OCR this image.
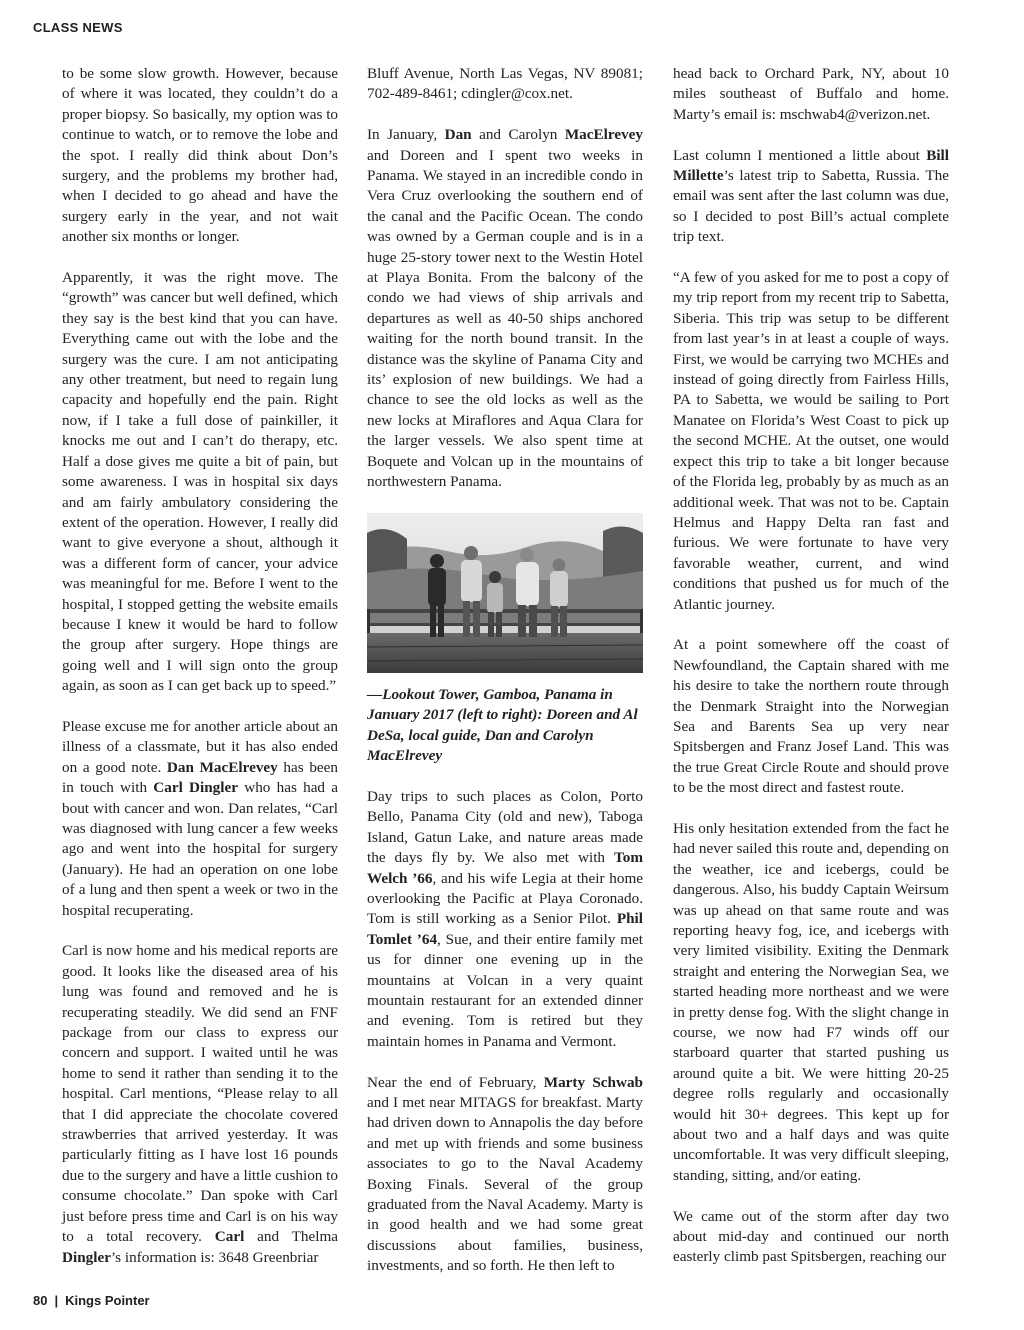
CLASS NEWS

to be some slow growth. However, because of where it was located, they couldn’t do a proper biopsy. So basically, my option was to continue to watch, or to remove the lobe and the spot. I really did think about Don’s surgery, and the problems my brother had, when I decided to go ahead and have the surgery early in the year, and not wait another six months or longer.

Apparently, it was the right move. The “growth” was cancer but well defined, which they say is the best kind that you can have. Everything came out with the lobe and the surgery was the cure. I am not anticipating any other treatment, but need to regain lung capacity and hopefully end the pain. Right now, if I take a full dose of painkiller, it knocks me out and I can’t do therapy, etc. Half a dose gives me quite a bit of pain, but some awareness. I was in hospital six days and am fairly ambulatory considering the extent of the operation. However, I really did want to give everyone a shout, although it was a different form of cancer, your advice was meaningful for me. Before I went to the hospital, I stopped getting the website emails because I knew it would be hard to follow the group after surgery. Hope things are going well and I will sign onto the group again, as soon as I can get back up to speed.”

Please excuse me for another article about an illness of a classmate, but it has also ended on a good note. Dan MacElrevey has been in touch with Carl Dingler who has had a bout with cancer and won. Dan relates, “Carl was diagnosed with lung cancer a few weeks ago and went into the hospital for surgery (January). He had an operation on one lobe of a lung and then spent a week or two in the hospital recuperating.

Carl is now home and his medical reports are good. It looks like the diseased area of his lung was found and removed and he is recuperating steadily. We did send an FNF package from our class to express our concern and support. I waited until he was home to send it rather than sending it to the hospital. Carl mentions, “Please relay to all that I did appreciate the chocolate covered strawberries that arrived yesterday. It was particularly fitting as I have lost 16 pounds due to the surgery and have a little cushion to consume chocolate.” Dan spoke with Carl just before press time and Carl is on his way to a total recovery. Carl and Thelma Dingler’s information is: 3648 Greenbriar

Bluff Avenue, North Las Vegas, NV 89081; 702-489-8461; cdingler@cox.net.

In January, Dan and Carolyn MacElrevey and Doreen and I spent two weeks in Panama. We stayed in an incredible condo in Vera Cruz overlooking the southern end of the canal and the Pacific Ocean. The condo was owned by a German couple and is in a huge 25-story tower next to the Westin Hotel at Playa Bonita. From the balcony of the condo we had views of ship arrivals and departures as well as 40-50 ships anchored waiting for the north bound transit. In the distance was the skyline of Panama City and its’ explosion of new buildings. We had a chance to see the old locks as well as the new locks at Miraflores and Aqua Clara for the larger vessels. We also spent time at Boquete and Volcan up in the mountains of northwestern Panama.

—Lookout Tower, Gamboa, Panama in January 2017 (left to right): Doreen and Al DeSa, local guide, Dan and Carolyn MacElrevey

Day trips to such places as Colon, Porto Bello, Panama City (old and new), Taboga Island, Gatun Lake, and nature areas made the days fly by. We also met with Tom Welch ’66, and his wife Legia at their home overlooking the Pacific at Playa Coronado. Tom is still working as a Senior Pilot. Phil Tomlet ’64, Sue, and their entire family met us for dinner one evening up in the mountains at Volcan in a very quaint mountain restaurant for an extended dinner and evening. Tom is retired but they maintain homes in Panama and Vermont.

Near the end of February, Marty Schwab and I met near MITAGS for breakfast. Marty had driven down to Annapolis the day before and met up with friends and some business associates to go to the Naval Academy Boxing Finals. Several of the group graduated from the Naval Academy. Marty is in good health and we had some great discussions about families, business, investments, and so forth. He then left to

head back to Orchard Park, NY, about 10 miles southeast of Buffalo and home. Marty’s email is: mschwab4@verizon.net.

Last column I mentioned a little about Bill Millette’s latest trip to Sabetta, Russia. The email was sent after the last column was due, so I decided to post Bill’s actual complete trip text.

“A few of you asked for me to post a copy of my trip report from my recent trip to Sabetta, Siberia. This trip was setup to be different from last year’s in at least a couple of ways. First, we would be carrying two MCHEs and instead of going directly from Fairless Hills, PA to Sabetta, we would be sailing to Port Manatee on Florida’s West Coast to pick up the second MCHE. At the outset, one would expect this trip to take a bit longer because of the Florida leg, probably by as much as an additional week. That was not to be. Captain Helmus and Happy Delta ran fast and furious. We were fortunate to have very favorable weather, current, and wind conditions that pushed us for much of the Atlantic journey.

At a point somewhere off the coast of Newfoundland, the Captain shared with me his desire to take the northern route through the Denmark Straight into the Norwegian Sea and Barents Sea up very near Spitsbergen and Franz Josef Land. This was the true Great Circle Route and should prove to be the most direct and fastest route.

His only hesitation extended from the fact he had never sailed this route and, depending on the weather, ice and icebergs, could be dangerous. Also, his buddy Captain Weirsum was up ahead on that same route and was reporting heavy fog, ice, and icebergs with very limited visibility. Exiting the Denmark straight and entering the Norwegian Sea, we started heading more northeast and we were in pretty dense fog. With the slight change in course, we now had F7 winds off our starboard quarter that started pushing us around quite a bit. We were hitting 20-25 degree rolls regularly and occasionally would hit 30+ degrees. This kept up for about two and a half days and was quite uncomfortable. It was very difficult sleeping, standing, sitting, and/or eating.

We came out of the storm after day two about mid-day and continued our north easterly climb past Spitsbergen, reaching our

80 | Kings Pointer
